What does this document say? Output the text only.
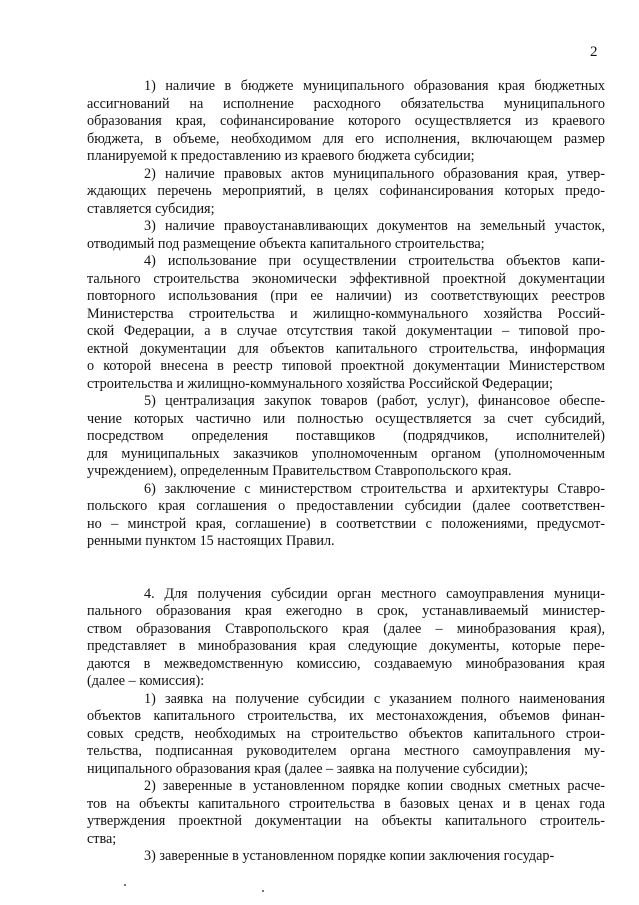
2
1) наличие в бюджете муниципального образования края бюджетных
ассигнований на исполнение расходного обязательства муниципального
образования края, софинансирование которого осуществляется из краевого
бюджета, в объеме, необходимом для его исполнения, включающем размер
планируемой к предоставлению из краевого бюджета субсидии;
2) наличие правовых актов муниципального образования края, утвер-
ждающих перечень мероприятий, в целях софинансирования которых предо-
ставляется субсидия;
3) наличие правоустанавливающих документов на земельный участок,
отводимый под размещение объекта капитального строительства;
4) использование при осуществлении строительства объектов капи-
тального строительства экономически эффективной проектной документации
повторного использования (при ее наличии) из соответствующих реестров
Министерства строительства и жилищно-коммунального хозяйства Россий-
ской Федерации, а в случае отсутствия такой документации – типовой про-
ектной документации для объектов капитального строительства, информация
о которой внесена в реестр типовой проектной документации Министерством
строительства и жилищно-коммунального хозяйства Российской Федерации;
5) централизация закупок товаров (работ, услуг), финансовое обеспе-
чение которых частично или полностью осуществляется за счет субсидий,
посредством определения поставщиков (подрядчиков, исполнителей)
для муниципальных заказчиков уполномоченным органом (уполномоченным
учреждением), определенным Правительством Ставропольского края.
6) заключение с министерством строительства и архитектуры Ставро-
польского края соглашения о предоставлении субсидии (далее соответствен-
но – минстрой края, соглашение) в соответствии с положениями, предусмот-
ренными пунктом 15 настоящих Правил.
4. Для получения субсидии орган местного самоуправления муници-
пального образования края ежегодно в срок, устанавливаемый министер-
ством образования Ставропольского края (далее – минобразования края),
представляет в минобразования края следующие документы, которые пере-
даются в межведомственную комиссию, создаваемую минобразования края
(далее – комиссия):
1) заявка на получение субсидии с указанием полного наименования
объектов капитального строительства, их местонахождения, объемов финан-
совых средств, необходимых на строительство объектов капитального строи-
тельства, подписанная руководителем органа местного самоуправления му-
ниципального образования края (далее – заявка на получение субсидии);
2) заверенные в установленном порядке копии сводных сметных расче-
тов на объекты капитального строительства в базовых ценах и в ценах года
утверждения проектной документации на объекты капитального строитель-
ства;
3) заверенные в установленном порядке копии заключения государ-
